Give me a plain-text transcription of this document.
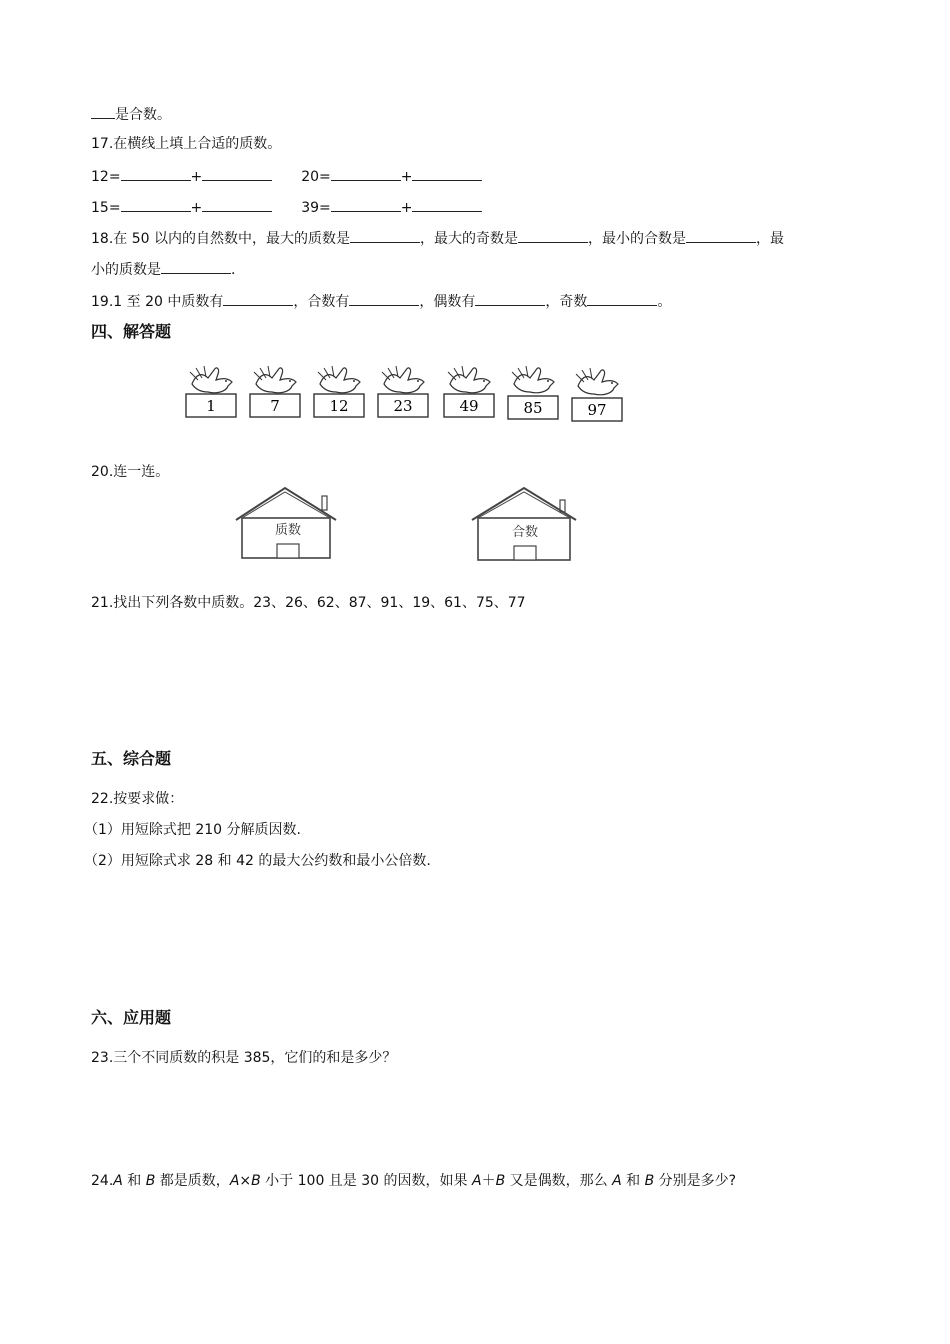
是合数。
17.在横线上填上合适的质数。
12=	+	20=	+
15=	+	39=	+
18.在 50 以内的自然数中，最大的质数是	，最大的奇数是	，最小的合数是	，最
小的质数是	.
19.1 至 20 中质数有	，合数有	，偶数有	，奇数	。
四、解答题
1	7	12	23	49	85	97
20.连一连。
质数	合数
21.找出下列各数中质数。23、26、62、87、91、19、61、75、77
五、综合题
22.按要求做：
（1）用短除式把 210 分解质因数.
（2）用短除式求 28 和 42 的最大公约数和最小公倍数.
六、应用题
23.三个不同质数的积是 385，它们的和是多少？
24.A 和 B 都是质数，A×B 小于 100 且是 30 的因数，如果 A＋B 又是偶数，那么 A 和 B 分别是多少?
